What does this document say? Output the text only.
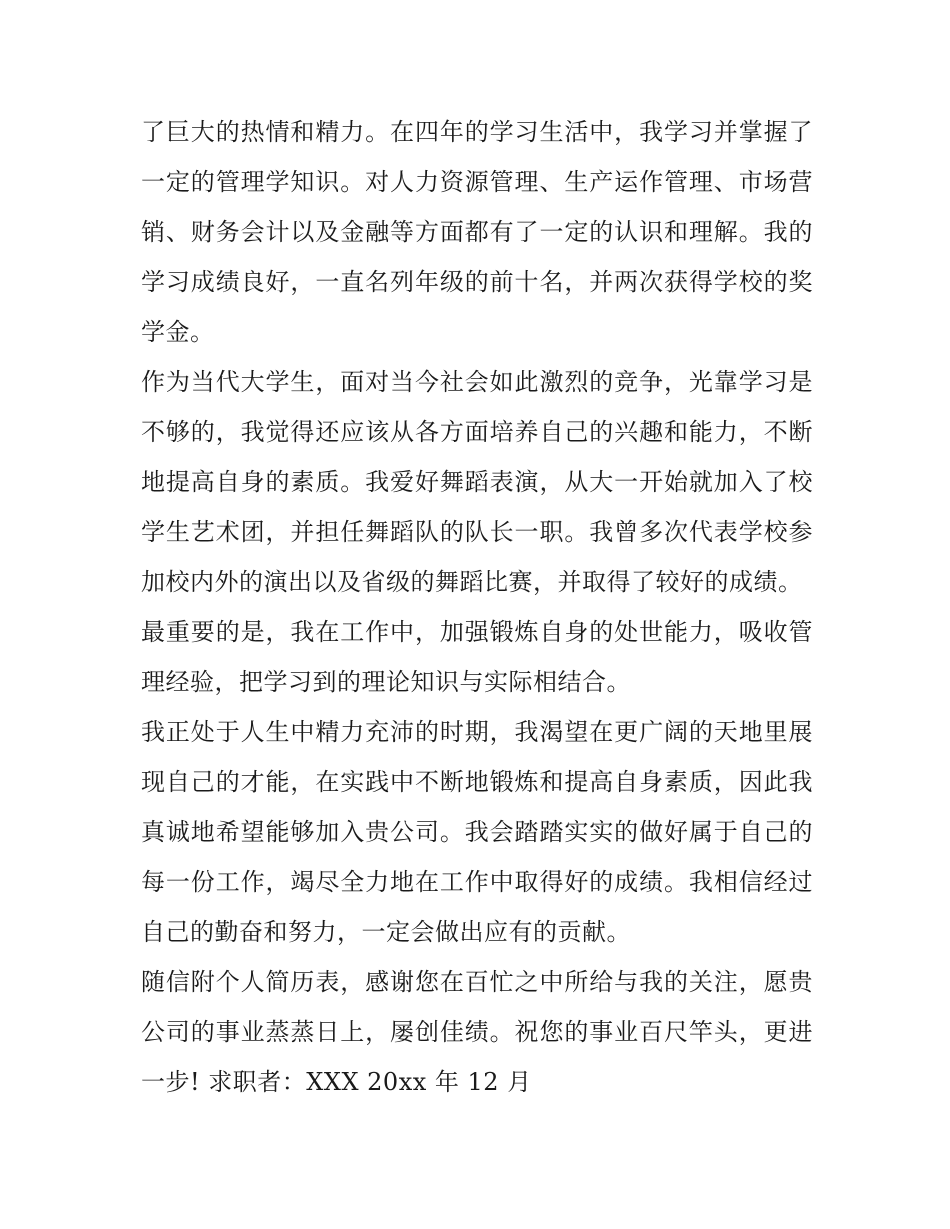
了巨大的热情和精力。在四年的学习生活中，我学习并掌握了一定的管理学知识。对人力资源管理、生产运作管理、市场营销、财务会计以及金融等方面都有了一定的认识和理解。我的学习成绩良好，一直名列年级的前十名，并两次获得学校的奖学金。

作为当代大学生，面对当今社会如此激烈的竞争，光靠学习是不够的，我觉得还应该从各方面培养自己的兴趣和能力，不断地提高自身的素质。我爱好舞蹈表演，从大一开始就加入了校学生艺术团，并担任舞蹈队的队长一职。我曾多次代表学校参加校内外的演出以及省级的舞蹈比赛，并取得了较好的成绩。

最重要的是，我在工作中，加强锻炼自身的处世能力，吸收管理经验，把学习到的理论知识与实际相结合。

我正处于人生中精力充沛的时期，我渴望在更广阔的天地里展现自己的才能，在实践中不断地锻炼和提高自身素质，因此我真诚地希望能够加入贵公司。我会踏踏实实的做好属于自己的每一份工作，竭尽全力地在工作中取得好的成绩。我相信经过自己的勤奋和努力，一定会做出应有的贡献。

随信附个人简历表，感谢您在百忙之中所给与我的关注，愿贵公司的事业蒸蒸日上，屡创佳绩。祝您的事业百尺竿头，更进一步! 求职者：XXX 20xx 年 12 月
